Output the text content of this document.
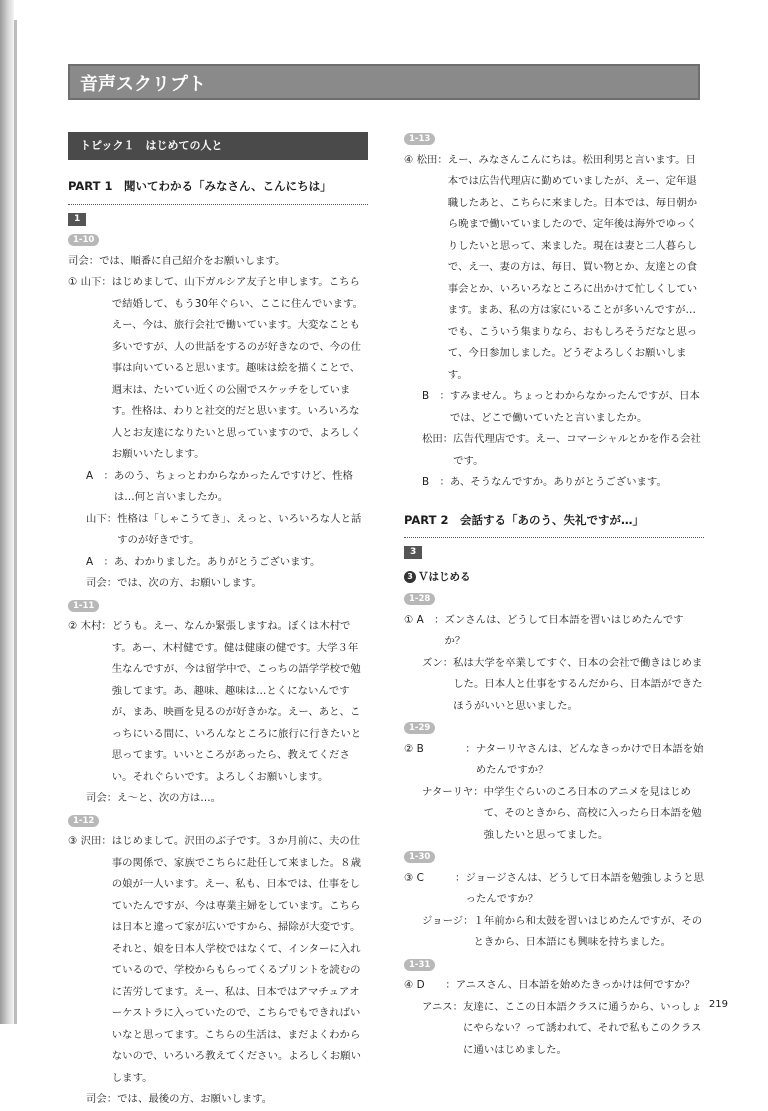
音声スクリプト
トピック１　はじめての人と
PART 1　聞いてわかる「みなさん、こんにちは」
1
1-10
司会： では、順番に自己紹介をお願いします。
① 山下： はじめまして、山下ガルシア友子と申します。こちらで結婚して、もう30年ぐらい、ここに住んでいます。えー、今は、旅行会社で働いています。大変なことも多いですが、人の世話をするのが好きなので、今の仕事は向いていると思います。趣味は絵を描くことで、週末は、たいてい近くの公園でスケッチをしています。性格は、わりと社交的だと思います。いろいろな人とお友達になりたいと思っていますので、よろしくお願いいたします。
A　： あのう、ちょっとわからなかったんですけど、性格は…何と言いましたか。
山下： 性格は「しゃこうてき」、えっと、いろいろな人と話すのが好きです。
A　： あ、わかりました。ありがとうございます。
司会： では、次の方、お願いします。
1-11
② 木村： どうも。えー、なんか緊張しますね。ぼくは木村です。あー、木村健です。健は健康の健です。大学３年生なんですが、今は留学中で、こっちの語学学校で勉強してます。あ、趣味、趣味は…とくにないんですが、まあ、映画を見るのが好きかな。えー、あと、こっちにいる間に、いろんなところに旅行に行きたいと思ってます。いいところがあったら、教えてください。それぐらいです。よろしくお願いします。
司会： え〜と、次の方は…。
1-12
③ 沢田： はじめまして。沢田のぶ子です。３か月前に、夫の仕事の関係で、家族でこちらに赴任して来ました。８歳の娘が一人います。えー、私も、日本では、仕事をしていたんですが、今は専業主婦をしています。こちらは日本と違って家が広いですから、掃除が大変です。それと、娘を日本人学校ではなくて、インターに入れているので、学校からもらってくるプリントを読むのに苦労してます。えー、私は、日本ではアマチュアオーケストラに入っていたので、こちらでもできればいいなと思ってます。こちらの生活は、まだよくわからないので、いろいろ教えてください。よろしくお願いします。
司会： では、最後の方、お願いします。
1-13
④ 松田： えー、みなさんこんにちは。松田利男と言います。日本では広告代理店に勤めていましたが、えー、定年退職したあと、こちらに来ました。日本では、毎日朝から晩まで働いていましたので、定年後は海外でゆっくりしたいと思って、来ました。現在は妻と二人暮らしで、え一、妻の方は、毎日、買い物とか、友達との食事会とか、いろいろなところに出かけて忙しくしています。まあ、私の方は家にいることが多いんですが…でも、こういう集まりなら、おもしろそうだなと思って、今日参加しました。どうぞよろしくお願いします。
B　： すみません。ちょっとわからなかったんですが、日本では、どこで働いていたと言いましたか。
松田： 広告代理店です。えー、コマーシャルとかを作る会社です。
B　： あ、そうなんですか。ありがとうございます。
PART 2　会話する「あのう、失礼ですが…」
3
3 Ｖはじめる
1-28
① A　： ズンさんは、どうして日本語を習いはじめたんですか？
ズン： 私は大学を卒業してすぐ、日本の会社で働きはじめました。日本人と仕事をするんだから、日本語ができたほうがいいと思いました。
1-29
② B　　　　： ナターリヤさんは、どんなきっかけで日本語を始めたんですか？
ナターリヤ： 中学生ぐらいのころ日本のアニメを見はじめて、そのときから、高校に入ったら日本語を勉強したいと思ってました。
1-30
③ C　　　： ジョージさんは、どうして日本語を勉強しようと思ったんですか？
ジョージ： １年前から和太鼓を習いはじめたんですが、そのときから、日本語にも興味を持ちました。
1-31
④ D　　： アニスさん、日本語を始めたきっかけは何ですか？
アニス： 友達に、ここの日本語クラスに通うから、いっしょにやらない？って誘われて、それで私もこのクラスに通いはじめました。
219
